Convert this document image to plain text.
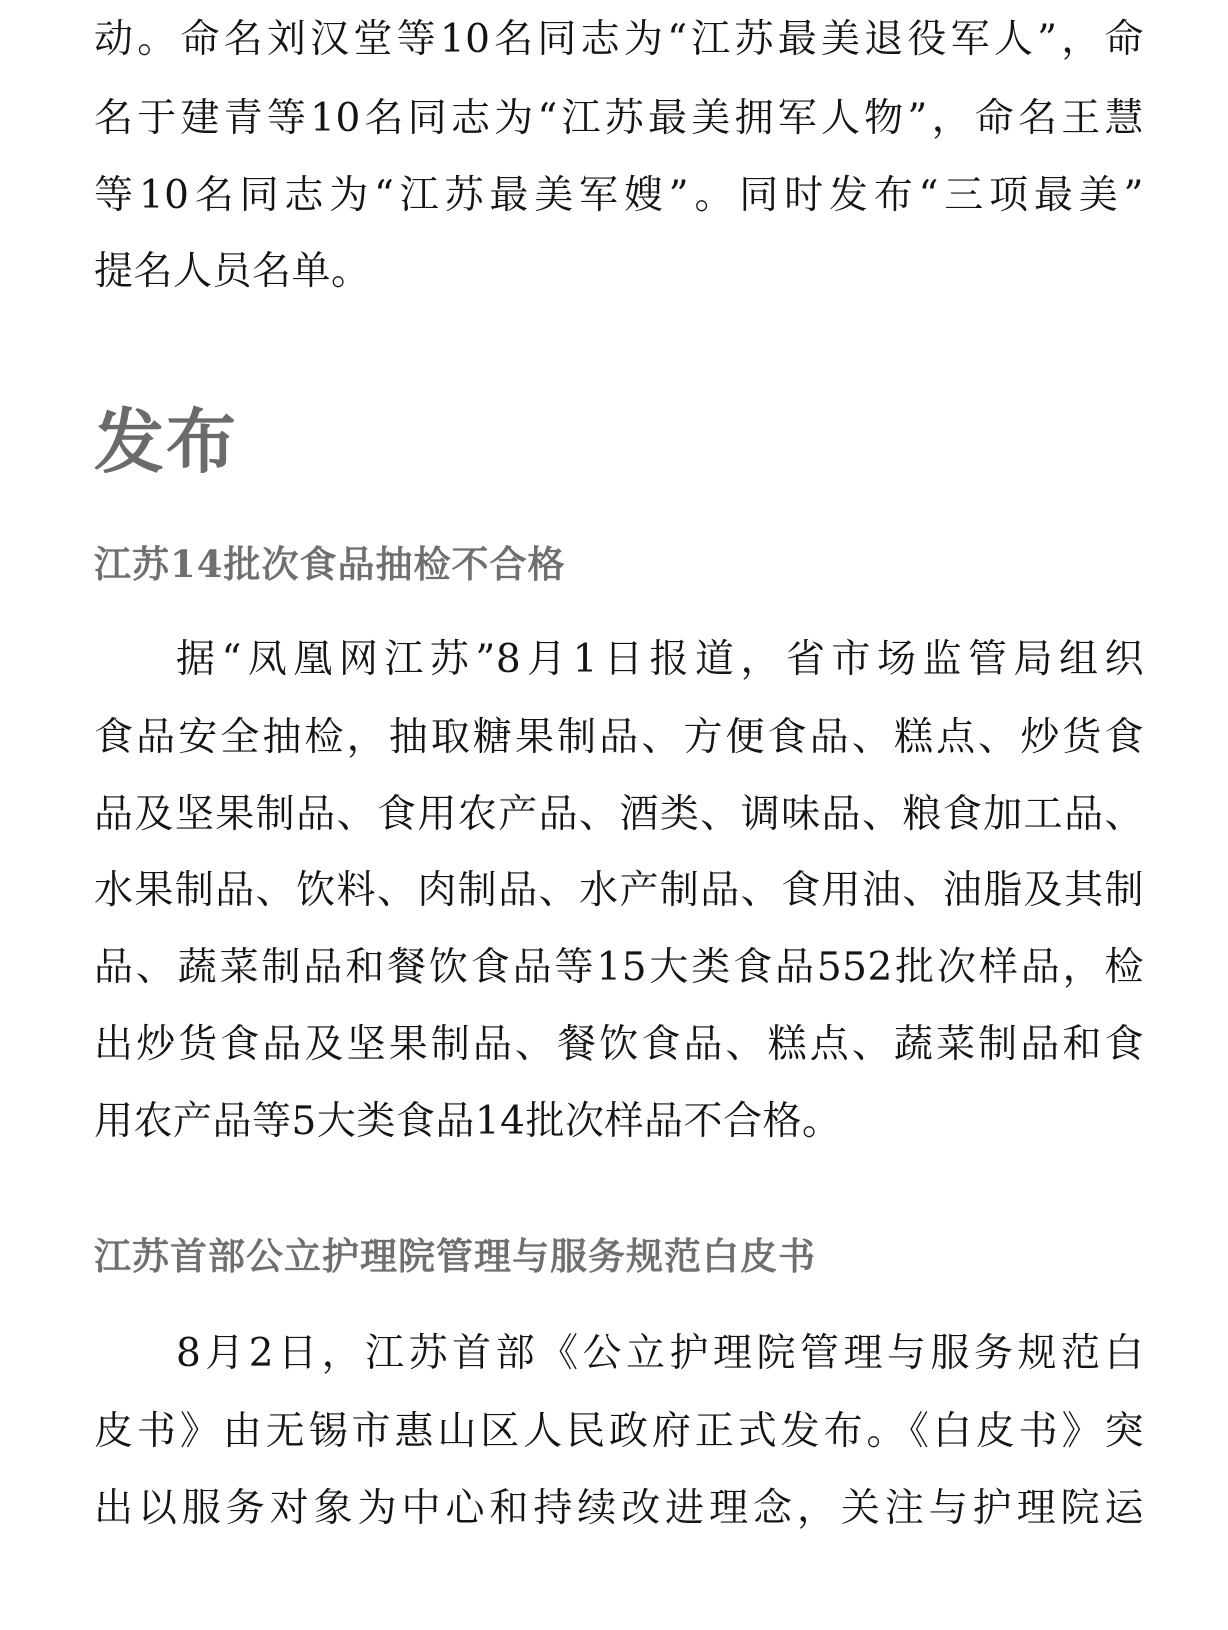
动。命名刘汉堂等10名同志为“江苏最美退役军人”，命
名于建青等10名同志为“江苏最美拥军人物”，命名王慧
等10名同志为“江苏最美军嫂”。同时发布“三项最美”
提名人员名单。
发布
江苏14批次食品抽检不合格
据“凤凰网江苏”8月1日报道，省市场监管局组织
食品安全抽检，抽取糖果制品、方便食品、糕点、炒货食
品及坚果制品、食用农产品、酒类、调味品、粮食加工品、
水果制品、饮料、肉制品、水产制品、食用油、油脂及其制
品、蔬菜制品和餐饮食品等15大类食品552批次样品，检
出炒货食品及坚果制品、餐饮食品、糕点、蔬菜制品和食
用农产品等5大类食品14批次样品不合格。
江苏首部公立护理院管理与服务规范白皮书
8月2日，江苏首部《公立护理院管理与服务规范白
皮书》由无锡市惠山区人民政府正式发布。《白皮书》突
出以服务对象为中心和持续改进理念，关注与护理院运
